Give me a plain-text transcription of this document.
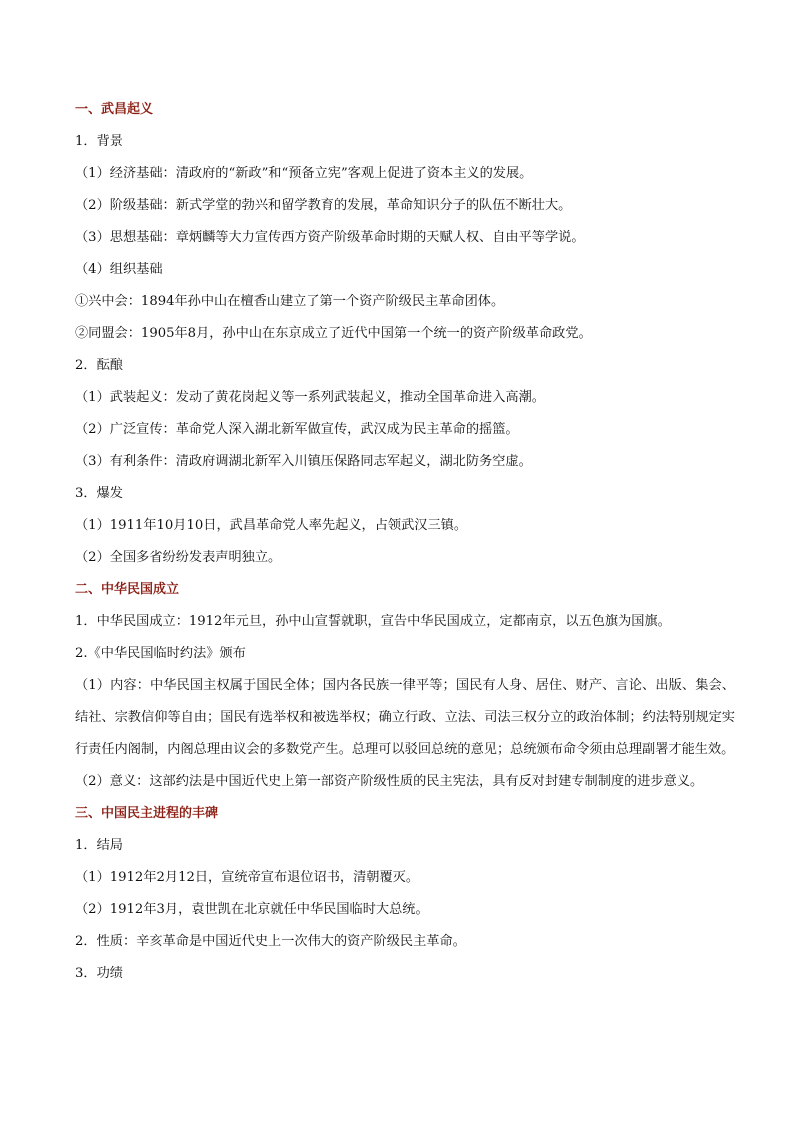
一、武昌起义
1．背景
（1）经济基础：清政府的“新政”和“预备立宪”客观上促进了资本主义的发展。
（2）阶级基础：新式学堂的勃兴和留学教育的发展，革命知识分子的队伍不断壮大。
（3）思想基础：章炳麟等大力宣传西方资产阶级革命时期的天赋人权、自由平等学说。
（4）组织基础
①兴中会：1894年孙中山在檀香山建立了第一个资产阶级民主革命团体。
②同盟会：1905年8月，孙中山在东京成立了近代中国第一个统一的资产阶级革命政党。
2．酝酿
（1）武装起义：发动了黄花岗起义等一系列武装起义，推动全国革命进入高潮。
（2）广泛宣传：革命党人深入湖北新军做宣传，武汉成为民主革命的摇篮。
（3）有利条件：清政府调湖北新军入川镇压保路同志军起义，湖北防务空虚。
3．爆发
（1）1911年10月10日，武昌革命党人率先起义，占领武汉三镇。
（2）全国多省纷纷发表声明独立。
二、中华民国成立
1．中华民国成立：1912年元旦，孙中山宣誓就职，宣告中华民国成立，定都南京，以五色旗为国旗。
2.《中华民国临时约法》颁布
（1）内容：中华民国主权属于国民全体；国内各民族一律平等；国民有人身、居住、财产、言论、出版、集会、结社、宗教信仰等自由；国民有选举权和被选举权；确立行政、立法、司法三权分立的政治体制；约法特别规定实行责任内阁制，内阁总理由议会的多数党产生。总理可以驳回总统的意见；总统颁布命令须由总理副署才能生效。
（2）意义：这部约法是中国近代史上第一部资产阶级性质的民主宪法，具有反对封建专制制度的进步意义。
三、中国民主进程的丰碑
1．结局
（1）1912年2月12日，宣统帝宣布退位诏书，清朝覆灭。
（2）1912年3月，袁世凯在北京就任中华民国临时大总统。
2．性质：辛亥革命是中国近代史上一次伟大的资产阶级民主革命。
3．功绩
